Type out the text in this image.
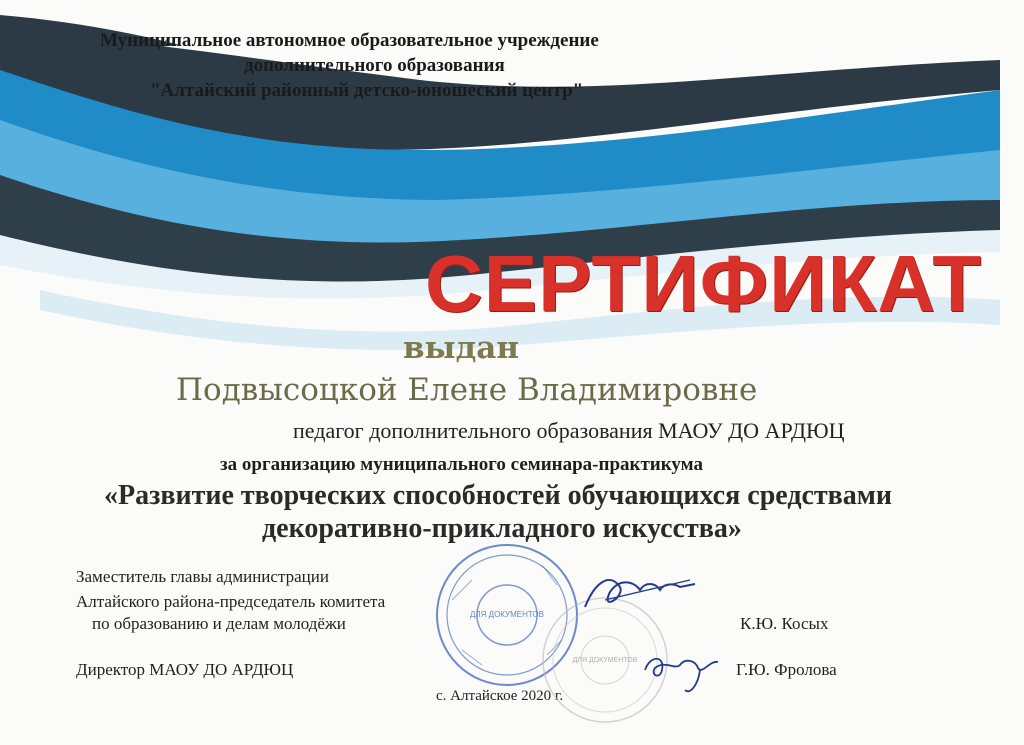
Муниципальное автономное образовательное учреждение
дополнительного образования
"Алтайский районный детско-юношеский центр"
СЕРТИФИКАТ
выдан
Подвысоцкой Елене Владимировне
педагог дополнительного образования МАОУ ДО АРДЮЦ
за организацию муниципального семинара-практикума
«Развитие творческих способностей обучающихся средствами
декоративно-прикладного искусства»
Заместитель главы администрации
Алтайского района-председатель комитета
по образованию и делам молодёжи	К.Ю. Косых
Директор МАОУ ДО АРДЮЦ	Г.Ю. Фролова
с. Алтайское 2020 г.
ДЛЯ ДОКУМЕНТОВ
ДЛЯ ДОКУМЕНТОВ
